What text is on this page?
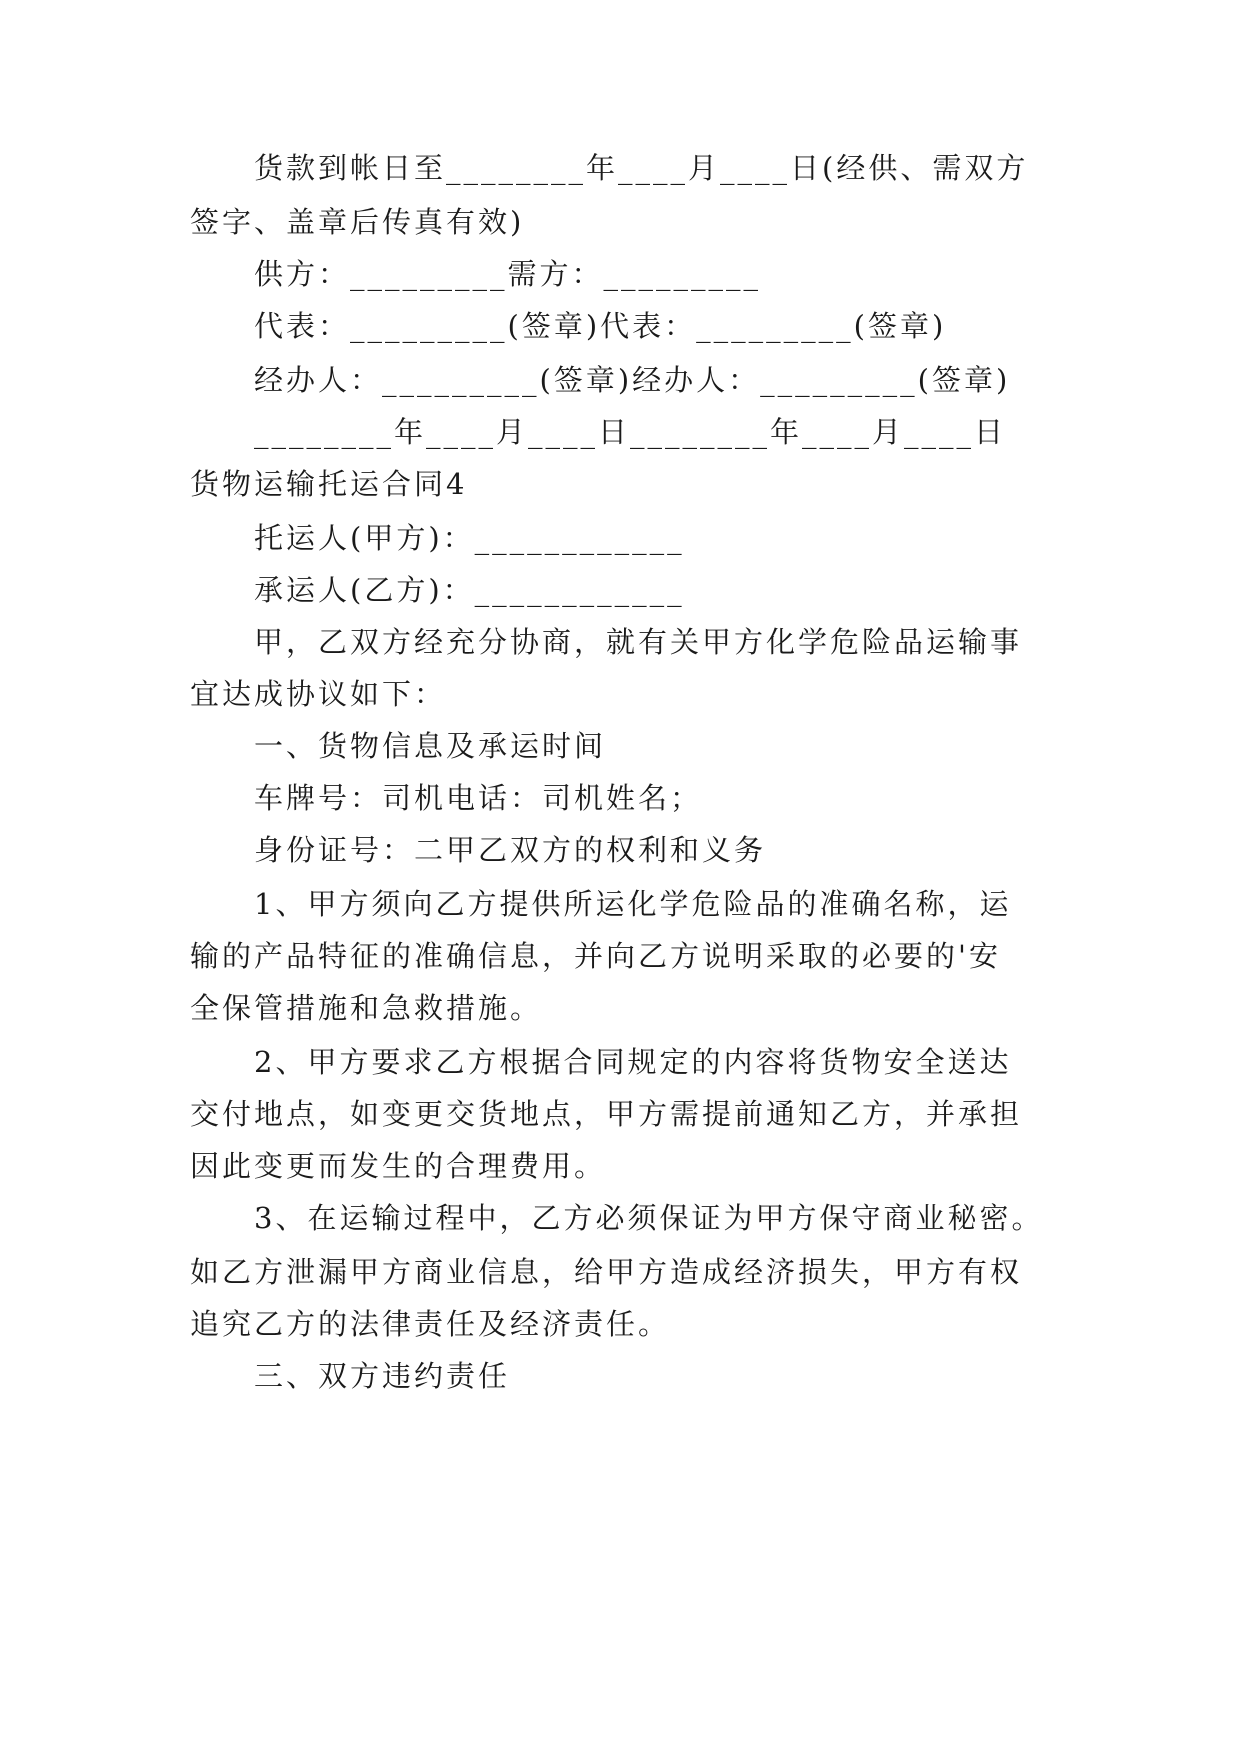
货款到帐日至________年____月____日(经供、需双方
签字、盖章后传真有效)
供方：_________需方：_________
代表：_________(签章)代表：_________(签章)
经办人：_________(签章)经办人：_________(签章)
________年____月____日________年____月____日
货物运输托运合同4
托运人(甲方)：____________
承运人(乙方)：____________
甲，乙双方经充分协商，就有关甲方化学危险品运输事
宜达成协议如下：
一、货物信息及承运时间
车牌号：司机电话：司机姓名；
身份证号：二甲乙双方的权利和义务
1、甲方须向乙方提供所运化学危险品的准确名称，运
输的产品特征的准确信息，并向乙方说明采取的必要的'安
全保管措施和急救措施。
2、甲方要求乙方根据合同规定的内容将货物安全送达
交付地点，如变更交货地点，甲方需提前通知乙方，并承担
因此变更而发生的合理费用。
3、在运输过程中，乙方必须保证为甲方保守商业秘密。
如乙方泄漏甲方商业信息，给甲方造成经济损失，甲方有权
追究乙方的法律责任及经济责任。
三、双方违约责任
